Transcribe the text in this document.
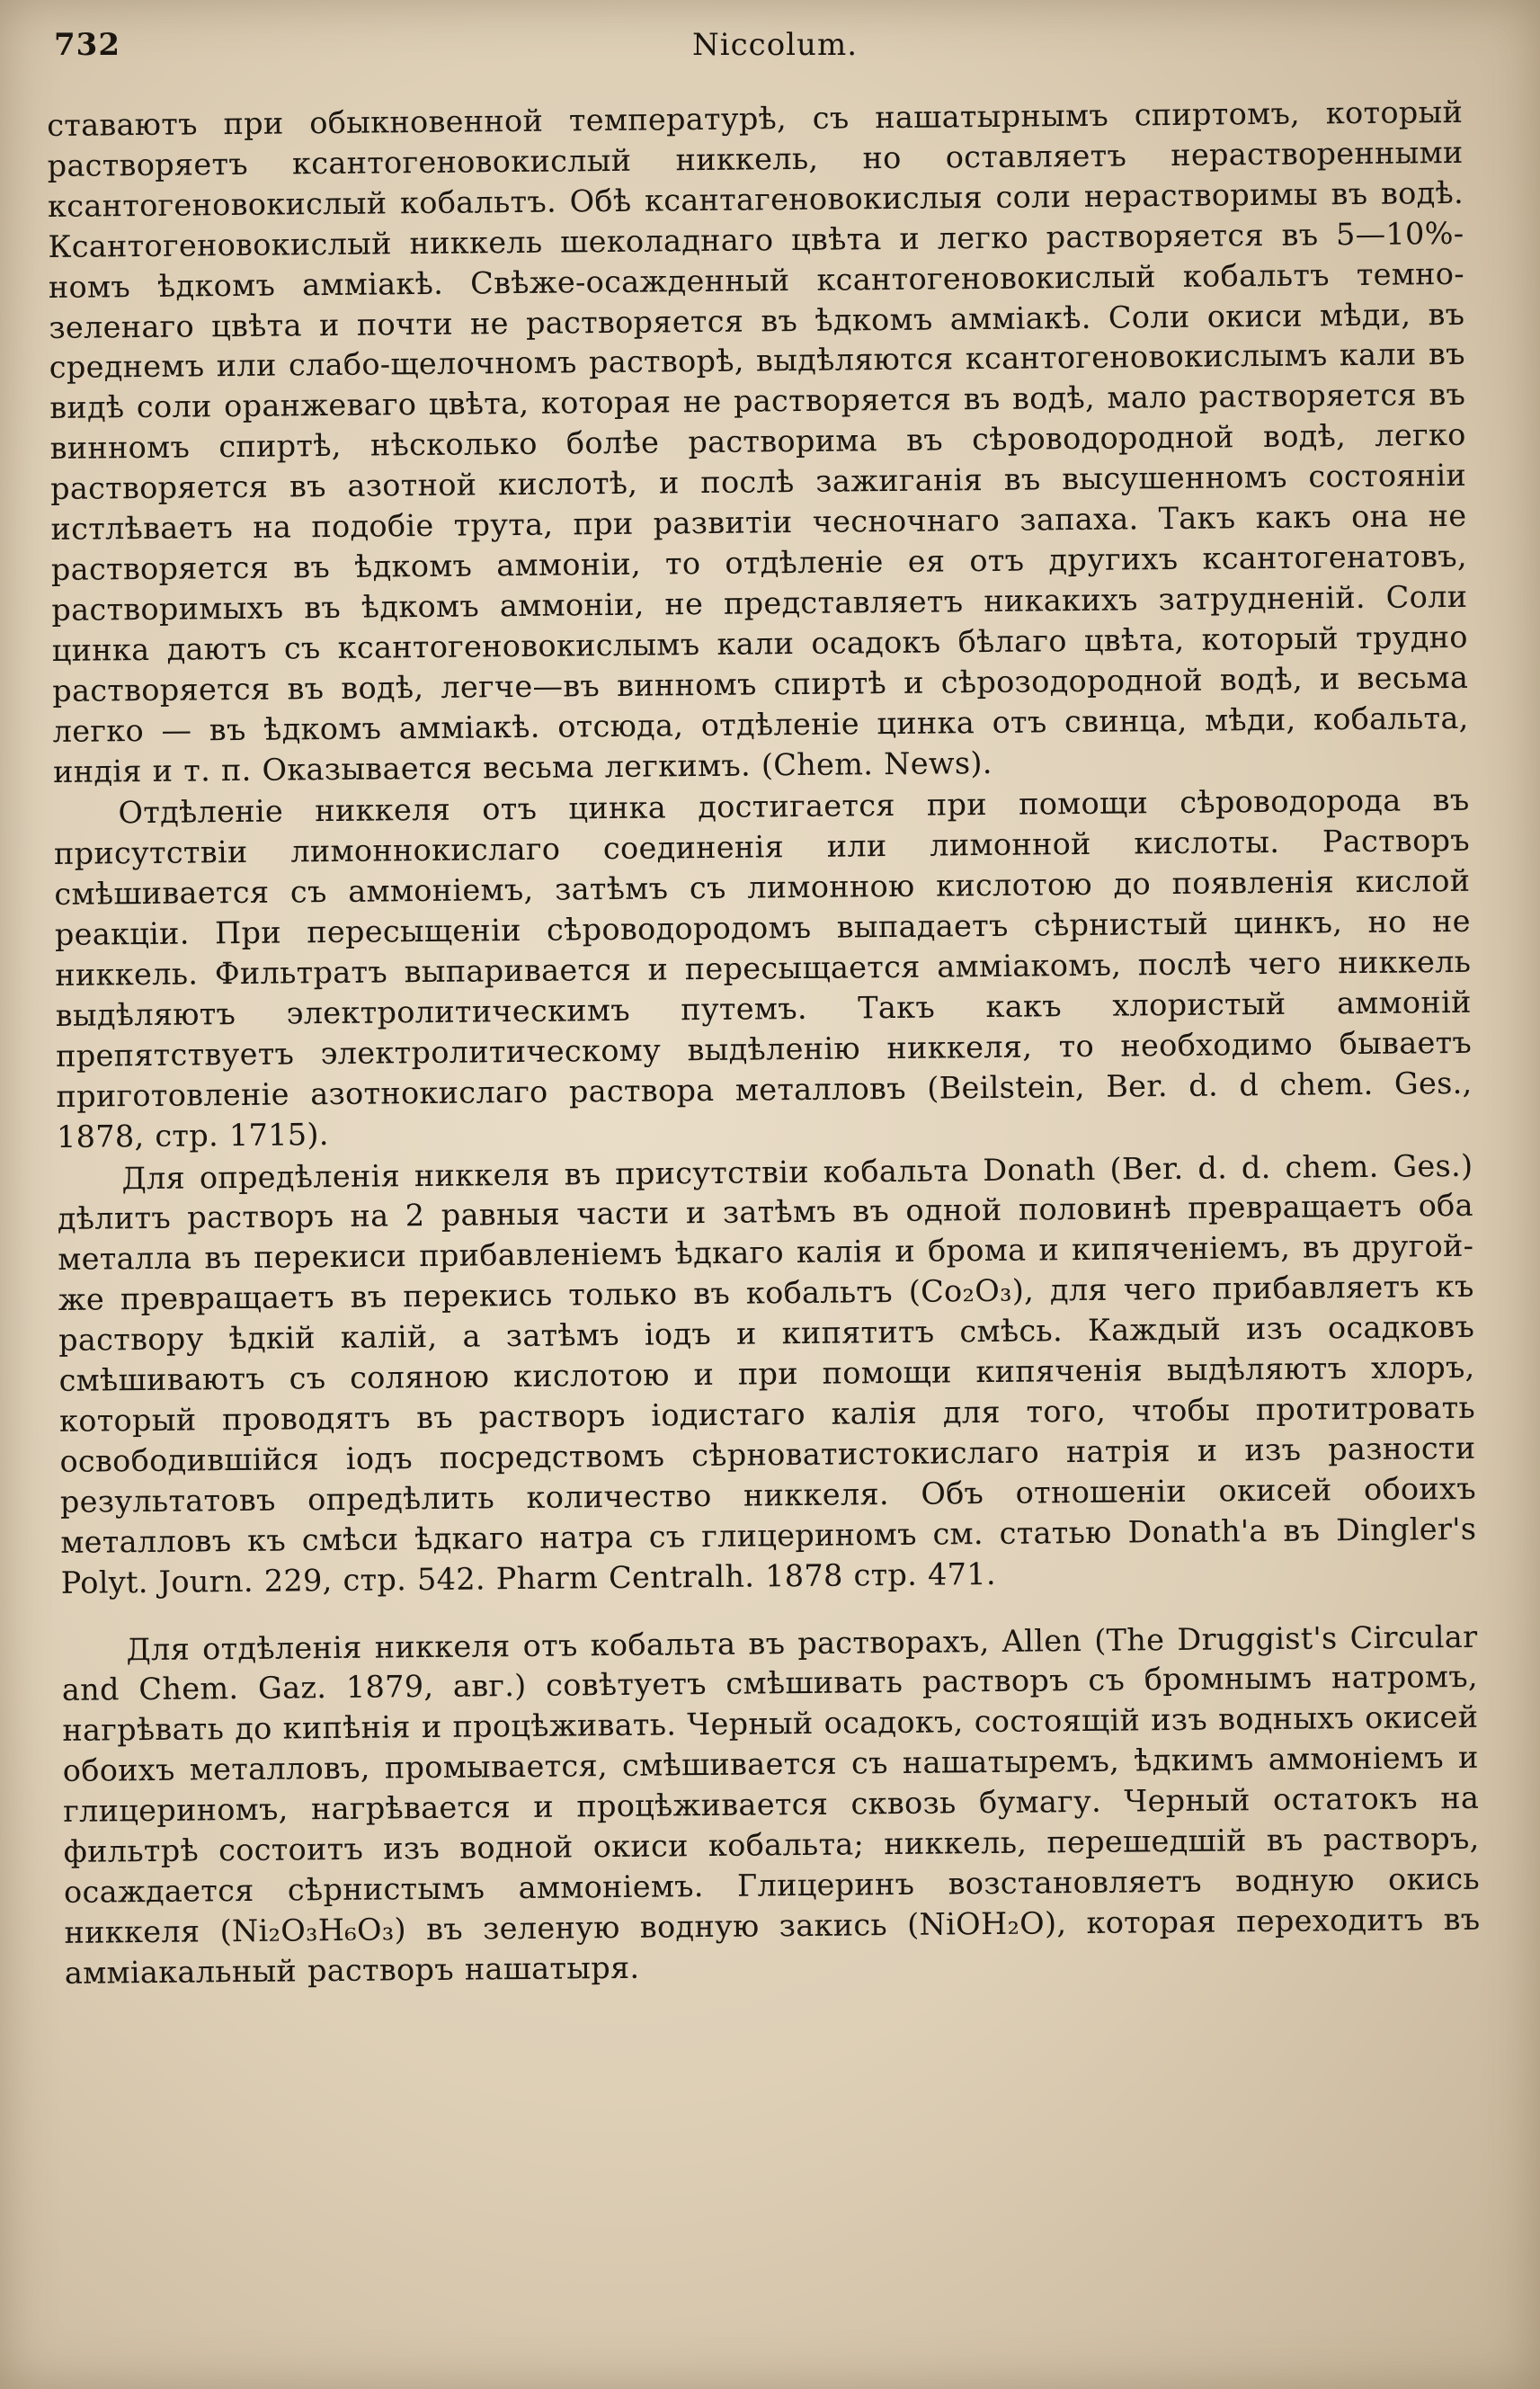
732	Niccolum.

ставаютъ при обыкновенной температурѣ, съ нашатырнымъ спиртомъ, который растворяетъ ксантогеновокислый никкель, но оставляетъ нерастворенными ксантогеновокислый кобальтъ. Обѣ ксантагеновокислыя соли нерастворимы въ водѣ. Ксантогеновокислый никкель шеколаднаго цвѣта и легко растворяется въ 5—10%-номъ ѣдкомъ амміакѣ. Свѣже-осажденный ксантогеновокислый кобальтъ темно-зеленаго цвѣта и почти не растворяется въ ѣдкомъ амміакѣ. Соли окиси мѣди, въ среднемъ или слабо-щелочномъ растворѣ, выдѣляются ксантогеновокислымъ кали въ видѣ соли оранжеваго цвѣта, которая не растворяется въ водѣ, мало растворяется въ винномъ спиртѣ, нѣсколько болѣе растворима въ сѣроводородной водѣ, легко растворяется въ азотной кислотѣ, и послѣ зажиганія въ высушенномъ состояніи истлѣваетъ на подобіе трута, при развитіи чесночнаго запаха. Такъ какъ она не растворяется въ ѣдкомъ аммоніи, то отдѣленіе ея отъ другихъ ксантогенатовъ, растворимыхъ въ ѣдкомъ аммоніи, не представляетъ никакихъ затрудненій. Соли цинка даютъ съ ксантогеновокислымъ кали осадокъ бѣлаго цвѣта, который трудно растворяется въ водѣ, легче—въ винномъ спиртѣ и сѣрозодородной водѣ, и весьма легко — въ ѣдкомъ амміакѣ. отсюда, отдѣленіе цинка отъ свинца, мѣди, кобальта, индія и т. п. Оказывается весьма легкимъ. (Chem. News).

Отдѣленіе никкеля отъ цинка достигается при помощи сѣроводорода въ присутствіи лимоннокислаго соединенія или лимонной кислоты. Растворъ смѣшивается съ аммоніемъ, затѣмъ съ лимонною кислотою до появленія кислой реакціи. При пересыщеніи сѣроводородомъ выпадаетъ сѣрнистый цинкъ, но не никкель. Фильтратъ выпаривается и пересыщается амміакомъ, послѣ чего никкель выдѣляютъ электролитическимъ путемъ. Такъ какъ хлористый аммоній препятствуетъ электролитическому выдѣленію никкеля, то необходимо бываетъ приготовленіе азотнокислаго раствора металловъ (Beilstein, Ber. d. d chem. Ges., 1878, стр. 1715).

Для опредѣленія никкеля въ присутствіи кобальта Donath (Ber. d. d. chem. Ges.) дѣлитъ растворъ на 2 равныя части и затѣмъ въ одной половинѣ превращаетъ оба металла въ перекиси прибавленіемъ ѣдкаго калія и брома и кипяченіемъ, въ другой-же превращаетъ въ перекись только въ кобальтъ (Co₂O₃), для чего прибавляетъ къ раствору ѣдкій калій, а затѣмъ іодъ и кипятитъ смѣсь. Каждый изъ осадковъ смѣшиваютъ съ соляною кислотою и при помощи кипяченія выдѣляютъ хлоръ, который проводятъ въ растворъ іодистаго калія для того, чтобы протитровать освободившійся іодъ посредствомъ сѣрноватистокислаго натрія и изъ разности результатовъ опредѣлить количество никкеля. Объ отношеніи окисей обоихъ металловъ къ смѣси ѣдкаго натра съ глицериномъ см. статью Donath'а въ Dingler's Polyt. Journ. 229, стр. 542. Pharm Centralh. 1878 стр. 471.

Для отдѣленія никкеля отъ кобальта въ растворахъ, Allen (The Druggist's Circular and Chem. Gaz. 1879, авг.) совѣтуетъ смѣшивать растворъ съ бромнымъ натромъ, нагрѣвать до кипѣнія и процѣживать. Черный осадокъ, состоящій изъ водныхъ окисей обоихъ металловъ, промывается, смѣшивается съ нашатыремъ, ѣдкимъ аммоніемъ и глицериномъ, нагрѣвается и процѣживается сквозь бумагу. Черный остатокъ на фильтрѣ состоитъ изъ водной окиси кобальта; никкель, перешедшій въ растворъ, осаждается сѣрнистымъ аммоніемъ. Глицеринъ возстановляетъ водную окись никкеля (Ni₂O₃H₆O₃) въ зеленую водную закись (NiOH₂O), которая переходитъ въ амміакальный растворъ нашатыря.
